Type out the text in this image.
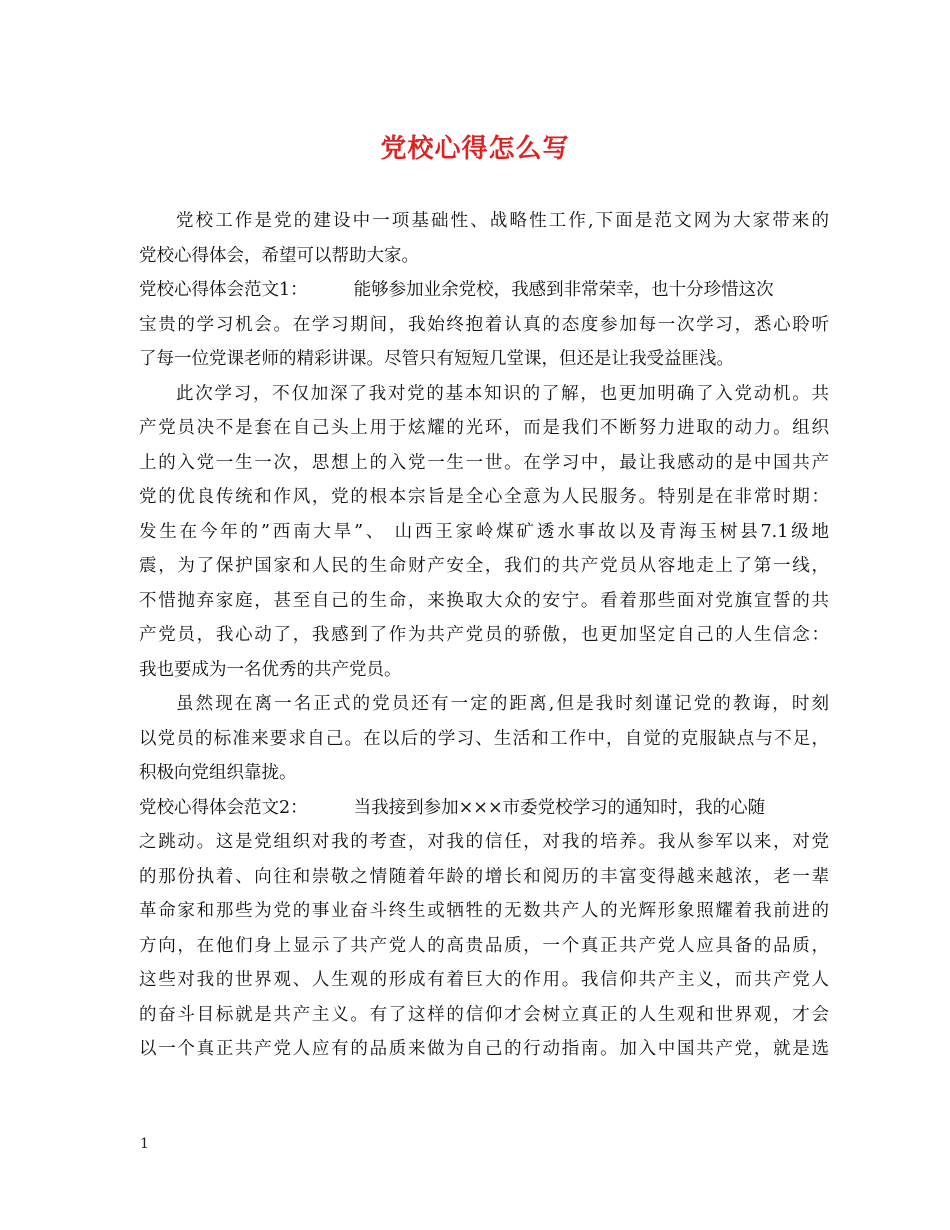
党校心得怎么写
党校工作是党的建设中一项基础性、战略性工作,下面是范文网为大家带来的
党校心得体会，希望可以帮助大家。
党校心得体会范文1：	能够参加业余党校，我感到非常荣幸，也十分珍惜这次
宝贵的学习机会。在学习期间，我始终抱着认真的态度参加每一次学习，悉心聆听
了每一位党课老师的精彩讲课。尽管只有短短几堂课，但还是让我受益匪浅。
此次学习，不仅加深了我对党的基本知识的了解，也更加明确了入党动机。共
产党员决不是套在自己头上用于炫耀的光环，而是我们不断努力进取的动力。组织
上的入党一生一次，思想上的入党一生一世。在学习中，最让我感动的是中国共产
党的优良传统和作风，党的根本宗旨是全心全意为人民服务。特别是在非常时期：
发生在今年的”西南大旱”、 山西王家岭煤矿透水事故以及青海玉树县7.1级地
震，为了保护国家和人民的生命财产安全，我们的共产党员从容地走上了第一线，
不惜抛弃家庭，甚至自己的生命，来换取大众的安宁。看着那些面对党旗宣誓的共
产党员，我心动了，我感到了作为共产党员的骄傲，也更加坚定自己的人生信念：
我也要成为一名优秀的共产党员。
虽然现在离一名正式的党员还有一定的距离,但是我时刻谨记党的教诲，时刻
以党员的标准来要求自己。在以后的学习、生活和工作中，自觉的克服缺点与不足，
积极向党组织靠拢。
党校心得体会范文2：	当我接到参加×××市委党校学习的通知时，我的心随
之跳动。这是党组织对我的考查，对我的信任，对我的培养。我从参军以来，对党
的那份执着、向往和崇敬之情随着年龄的增长和阅历的丰富变得越来越浓，老一辈
革命家和那些为党的事业奋斗终生或牺牲的无数共产人的光辉形象照耀着我前进的
方向，在他们身上显示了共产党人的高贵品质，一个真正共产党人应具备的品质，
这些对我的世界观、人生观的形成有着巨大的作用。我信仰共产主义，而共产党人
的奋斗目标就是共产主义。有了这样的信仰才会树立真正的人生观和世界观，才会
以一个真正共产党人应有的品质来做为自己的行动指南。加入中国共产党，就是选
1
